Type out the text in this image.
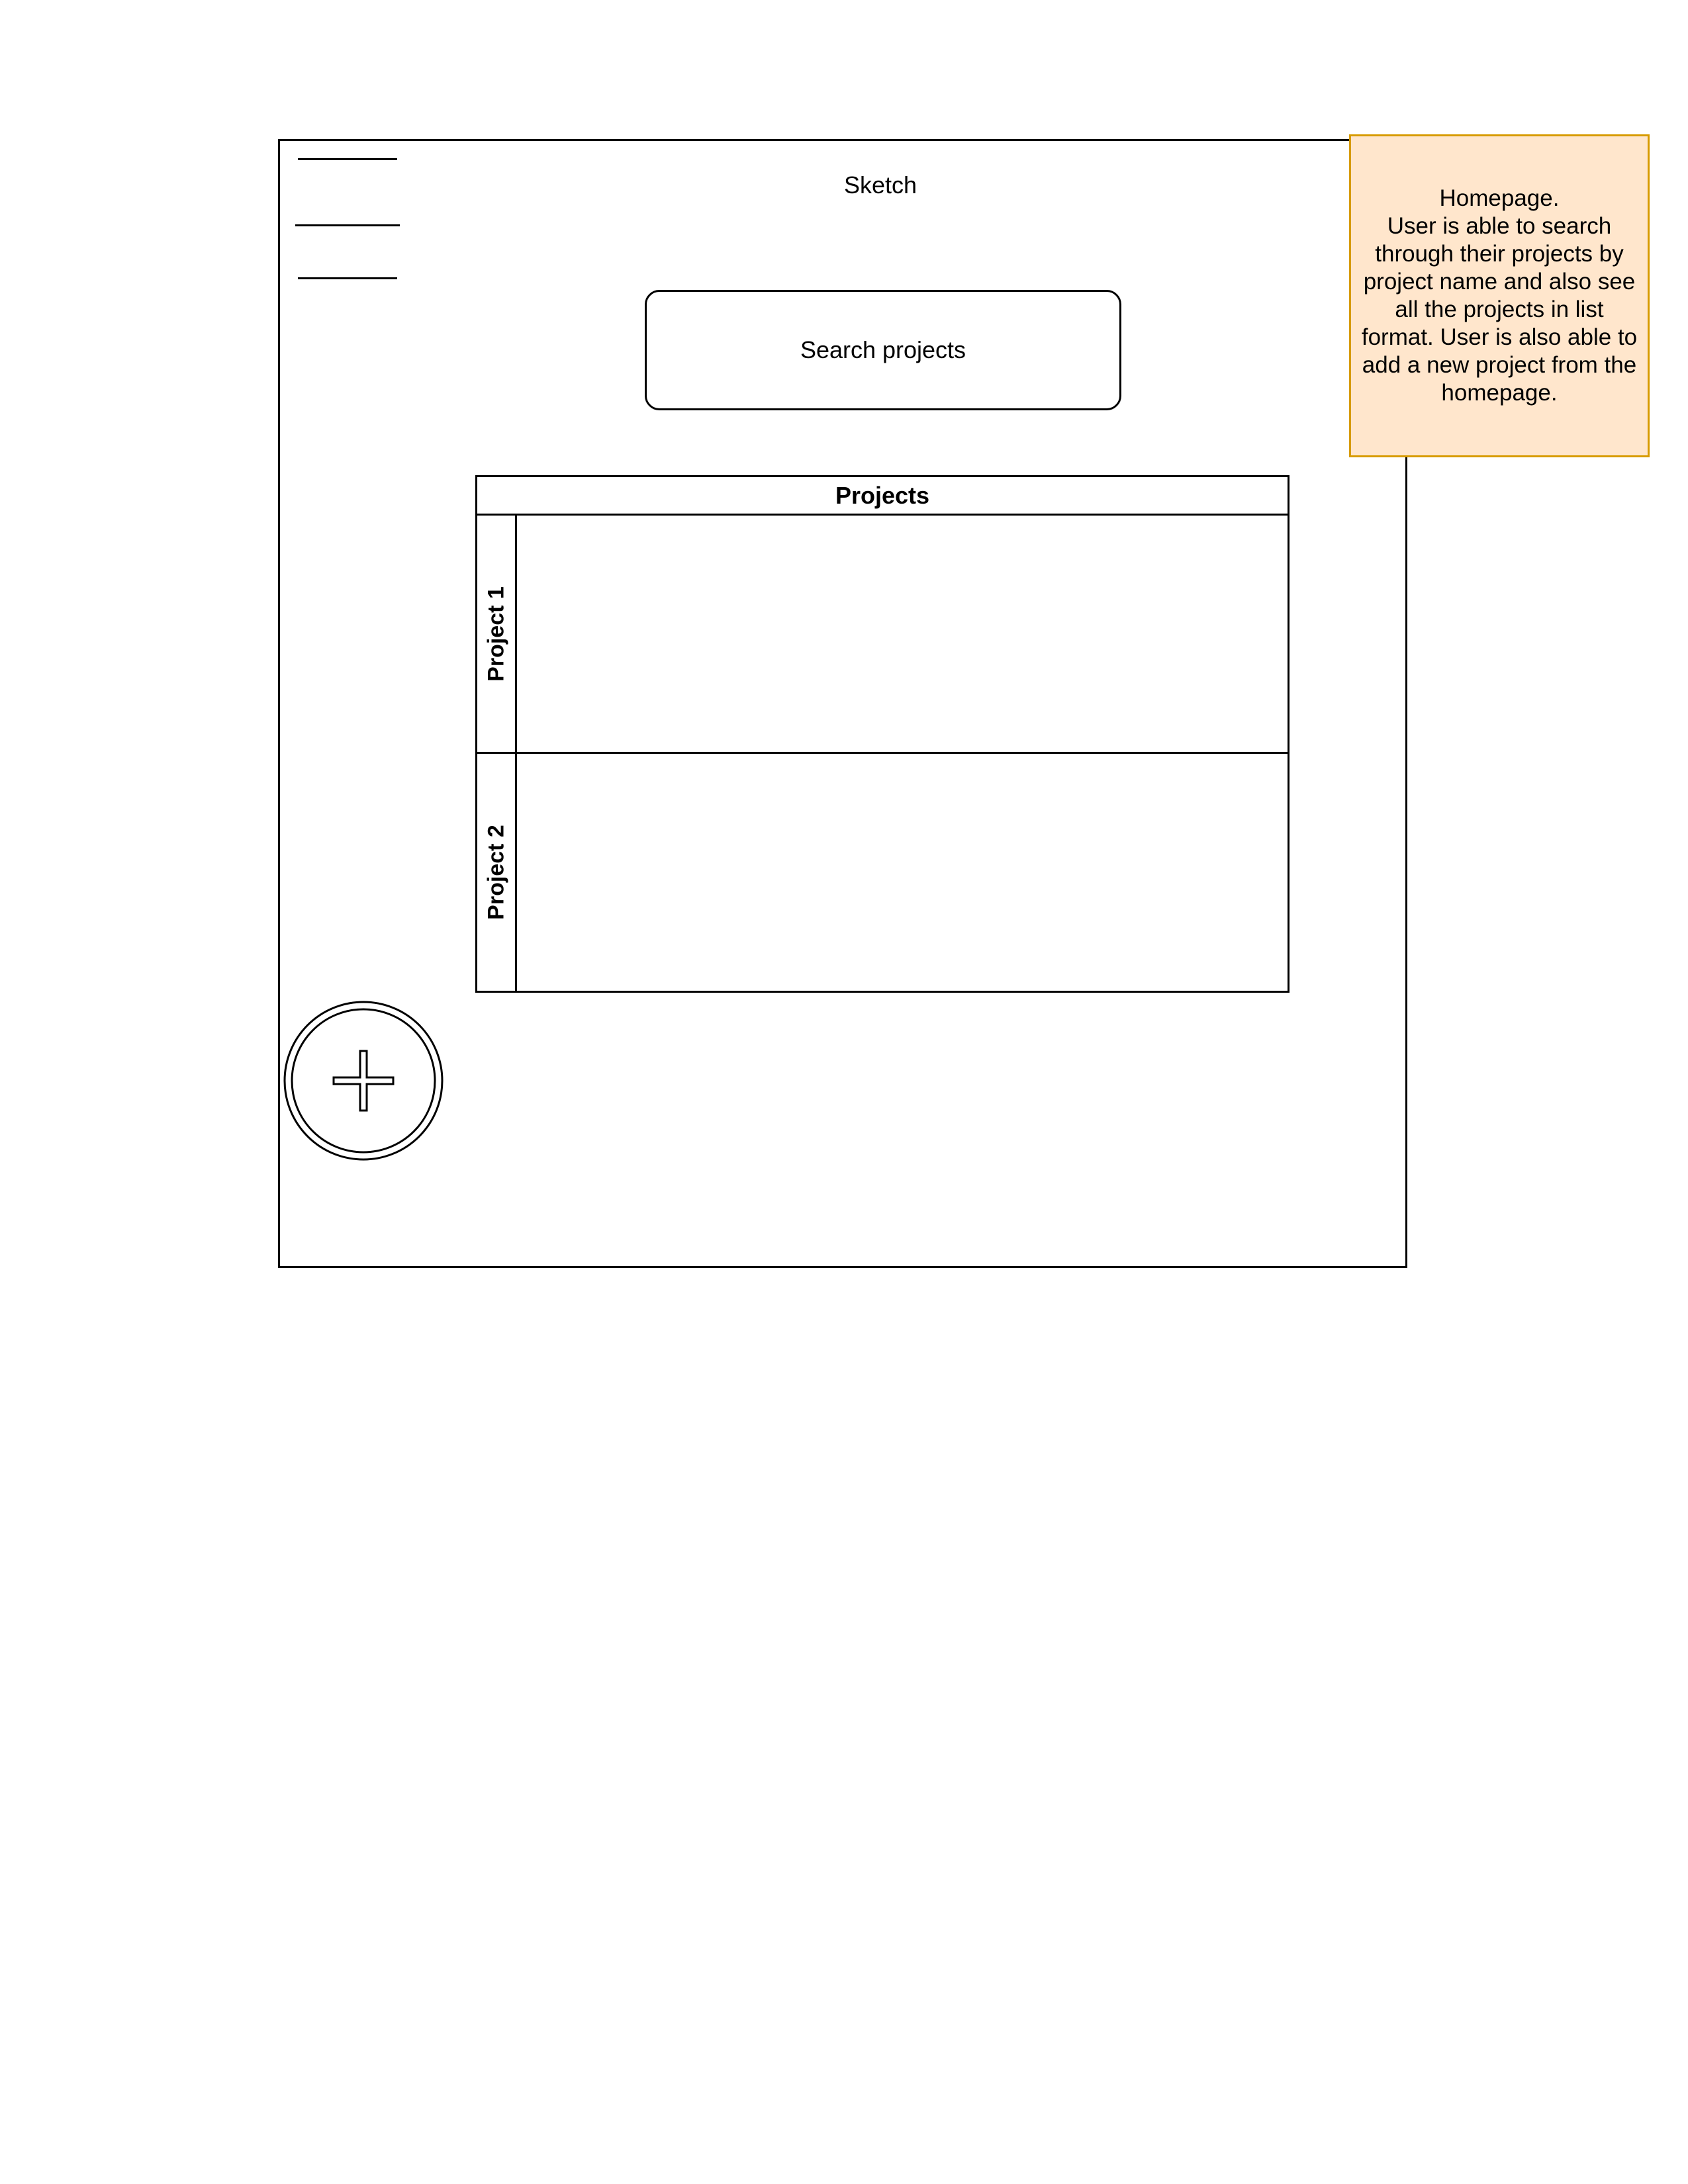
Sketch
Search projects
Projects
Project 1
Project 2
Homepage.
User is able to search
through their projects by
project name and also see
all the projects in list
format. User is also able to
add a new project from the
homepage.
